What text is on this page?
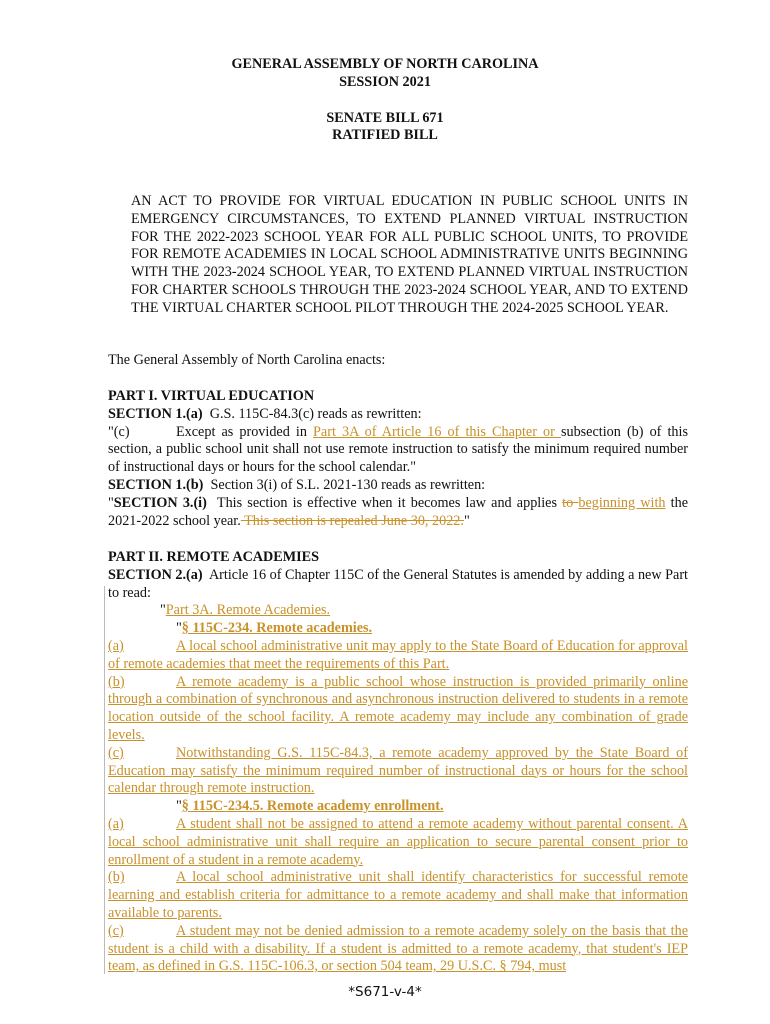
GENERAL ASSEMBLY OF NORTH CAROLINA

SESSION 2021

SENATE BILL 671

RATIFIED BILL

AN ACT TO PROVIDE FOR VIRTUAL EDUCATION IN PUBLIC SCHOOL UNITS IN EMERGENCY CIRCUMSTANCES, TO EXTEND PLANNED VIRTUAL INSTRUCTION FOR THE 2022-2023 SCHOOL YEAR FOR ALL PUBLIC SCHOOL UNITS, TO PROVIDE FOR REMOTE ACADEMIES IN LOCAL SCHOOL ADMINISTRATIVE UNITS BEGINNING WITH THE 2023-2024 SCHOOL YEAR, TO EXTEND PLANNED VIRTUAL INSTRUCTION FOR CHARTER SCHOOLS THROUGH THE 2023-2024 SCHOOL YEAR, AND TO EXTEND THE VIRTUAL CHARTER SCHOOL PILOT THROUGH THE 2024-2025 SCHOOL YEAR.

The General Assembly of North Carolina enacts:

PART I. VIRTUAL EDUCATION

SECTION 1.(a) G.S. 115C-84.3(c) reads as rewritten:

"(c)	Except as provided in Part 3A of Article 16 of this Chapter or subsection (b) of this section, a public school unit shall not use remote instruction to satisfy the minimum required number of instructional days or hours for the school calendar."

SECTION 1.(b) Section 3(i) of S.L. 2021-130 reads as rewritten:

"SECTION 3.(i) This section is effective when it becomes law and applies to beginning with the 2021-2022 school year. This section is repealed June 30, 2022."

PART II. REMOTE ACADEMIES

SECTION 2.(a) Article 16 of Chapter 115C of the General Statutes is amended by adding a new Part to read:

"Part 3A. Remote Academies.

"§ 115C-234. Remote academies.

(a)	A local school administrative unit may apply to the State Board of Education for approval of remote academies that meet the requirements of this Part.

(b)	A remote academy is a public school whose instruction is provided primarily online through a combination of synchronous and asynchronous instruction delivered to students in a remote location outside of the school facility. A remote academy may include any combination of grade levels.

(c)	Notwithstanding G.S. 115C-84.3, a remote academy approved by the State Board of Education may satisfy the minimum required number of instructional days or hours for the school calendar through remote instruction.

"§ 115C-234.5. Remote academy enrollment.

(a)	A student shall not be assigned to attend a remote academy without parental consent. A local school administrative unit shall require an application to secure parental consent prior to enrollment of a student in a remote academy.

(b)	A local school administrative unit shall identify characteristics for successful remote learning and establish criteria for admittance to a remote academy and shall make that information available to parents.

(c)	A student may not be denied admission to a remote academy solely on the basis that the student is a child with a disability. If a student is admitted to a remote academy, that student's IEP team, as defined in G.S. 115C-106.3, or section 504 team, 29 U.S.C. § 794, must

*S671-v-4*
